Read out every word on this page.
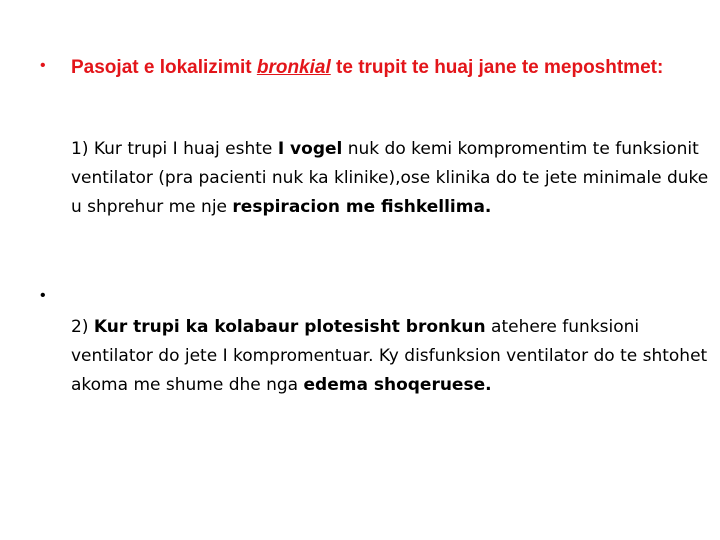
• Pasojat e lokalizimit bronkial te trupit te huaj jane te meposhtmet:
1) Kur trupi I huaj eshte I vogel nuk do kemi kompromentim te funksionit ventilator (pra pacienti nuk ka klinike),ose klinika do te jete minimale duke u shprehur me nje respiracion me fishkellima.
•
2) Kur trupi ka kolabaur plotesisht bronkun atehere funksioni ventilator do jete I kompromentuar. Ky disfunksion ventilator do te shtohet akoma me shume dhe nga edema shoqeruese.
